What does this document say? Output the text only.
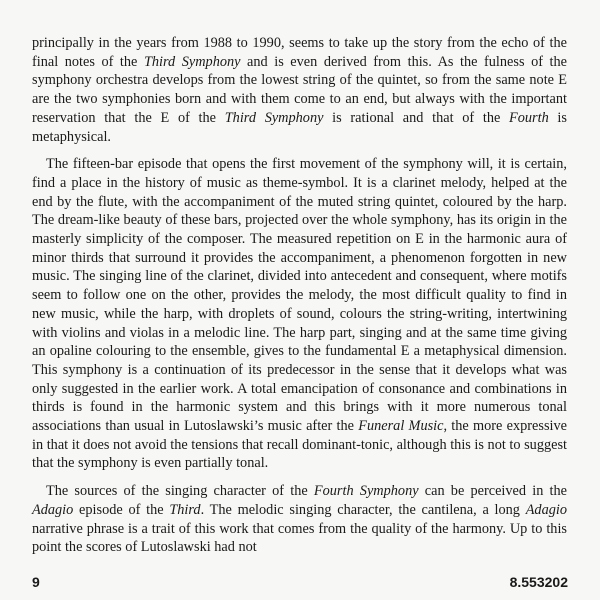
principally in the years from 1988 to 1990, seems to take up the story from the echo of the final notes of the Third Symphony and is even derived from this. As the fulness of the symphony orchestra develops from the lowest string of the quintet, so from the same note E are the two symphonies born and with them come to an end, but always with the important reservation that the E of the Third Symphony is rational and that of the Fourth is metaphysical.

The fifteen-bar episode that opens the first movement of the symphony will, it is certain, find a place in the history of music as theme-symbol. It is a clarinet melody, helped at the end by the flute, with the accompaniment of the muted string quintet, coloured by the harp. The dream-like beauty of these bars, projected over the whole symphony, has its origin in the masterly simplicity of the composer. The measured repetition on E in the harmonic aura of minor thirds that surround it provides the accompaniment, a phenomenon forgotten in new music. The singing line of the clarinet, divided into antecedent and consequent, where motifs seem to follow one on the other, provides the melody, the most difficult quality to find in new music, while the harp, with droplets of sound, colours the string-writing, intertwining with violins and violas in a melodic line. The harp part, singing and at the same time giving an opaline colouring to the ensemble, gives to the fundamental E a metaphysical dimension. This symphony is a continuation of its predecessor in the sense that it develops what was only suggested in the earlier work. A total emancipation of consonance and combinations in thirds is found in the harmonic system and this brings with it more numerous tonal associations than usual in Lutoslawski’s music after the Funeral Music, the more expressive in that it does not avoid the tensions that recall dominant-tonic, although this is not to suggest that the symphony is even partially tonal.

The sources of the singing character of the Fourth Symphony can be perceived in the Adagio episode of the Third. The melodic singing character, the cantilena, a long Adagio narrative phrase is a trait of this work that comes from the quality of the harmony. Up to this point the scores of Lutoslawski had not

9	8.553202
